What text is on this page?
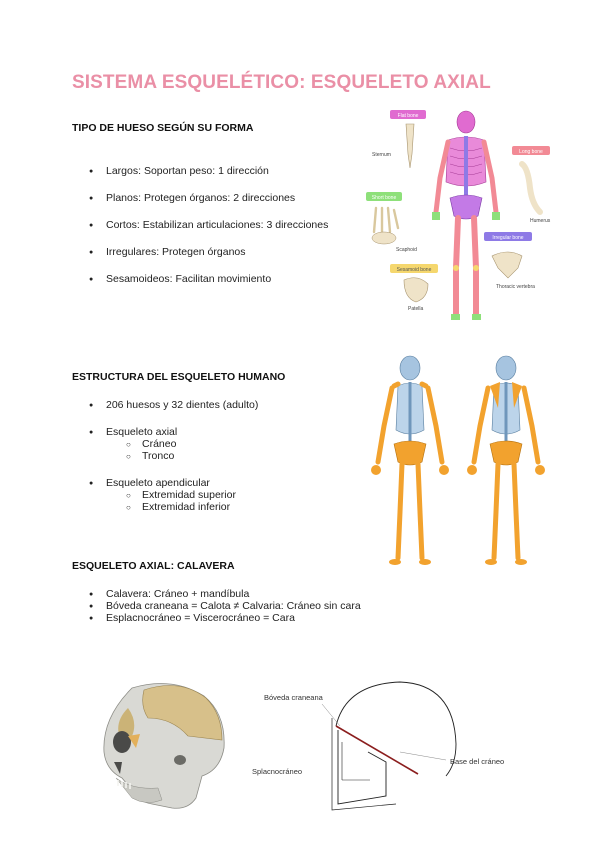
SISTEMA ESQUELÉTICO: ESQUELETO AXIAL

TIPO DE HUESO SEGÚN SU FORMA

● Largos: Soportan peso: 1 dirección
● Planos: Protegen órganos: 2 direcciones
● Cortos: Estabilizan articulaciones: 3 direcciones
● Irregulares: Protegen órganos
● Sesamoideos: Facilitan movimiento
Flat bone
Sternum	Long bone
Humerus
Short bone
Scaphoid
Irregular bone
Thoracic vertebra
Sesamoid bone
Patella

ESTRUCTURA DEL ESQUELETO HUMANO

● 206 huesos y 32 dientes (adulto)
● Esqueleto axial
○ Cráneo
○ Tronco
● Esqueleto apendicular
○ Extremidad superior
○ Extremidad inferior

ESQUELETO AXIAL: CALAVERA

● Calavera: Cráneo + mandíbula
● Bóveda craneana = Calota ≠ Calvaria: Cráneo sin cara
● Esplacnocráneo = Viscerocráneo = Cara
Bóveda craneana
Base del cráneo
Splacnocráneo
